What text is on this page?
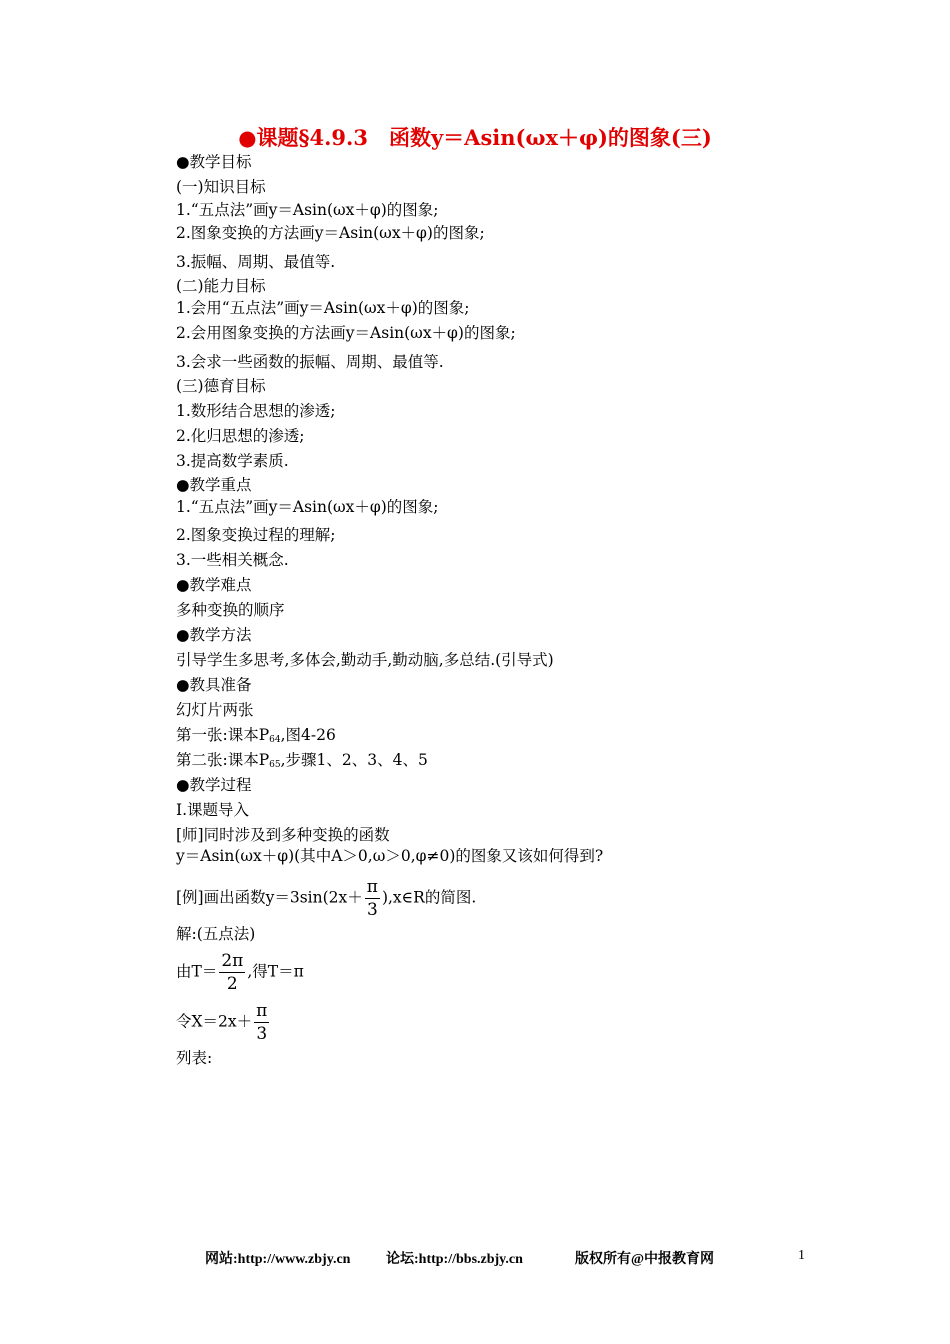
●课题§4.9.3　函数y＝Asin(ωx＋φ)的图象(三)
●教学目标
(一)知识目标
1.“五点法”画y＝Asin(ωx＋φ)的图象;
2.图象变换的方法画y＝Asin(ωx＋φ)的图象;
3.振幅、周期、最值等.
(二)能力目标
1.会用“五点法”画y＝Asin(ωx＋φ)的图象;
2.会用图象变换的方法画y＝Asin(ωx＋φ)的图象;
3.会求一些函数的振幅、周期、最值等.
(三)德育目标
1.数形结合思想的渗透;
2.化归思想的渗透;
3.提高数学素质.
●教学重点
1.“五点法”画y＝Asin(ωx＋φ)的图象;
2.图象变换过程的理解;
3.一些相关概念.
●教学难点
多种变换的顺序
●教学方法
引导学生多思考,多体会,勤动手,勤动脑,多总结.(引导式)
●教具准备
幻灯片两张
第一张:课本$P_{64}$,图4-26
第二张:课本$P_{65}$,步骤1、2、3、4、5
●教学过程
Ⅰ.课题导入
[师]同时涉及到多种变换的函数
y＝Asin(ωx＋φ)(其中A＞0,ω＞0,φ≠0)的图象又该如何得到?
[例]画出函数$y=3\sin(2x+ \frac{\pi}{3}$ ),x∈R的简图.
解:(五点法)
由$T= \frac{2\pi}{2}$ ,得T＝π
令$X=2x+ \frac{\pi}{3}$
列表:
网站:http://www.zbjy.cn	论坛:http://bbs.zbjy.cn	版权所有@中报教育网	1
